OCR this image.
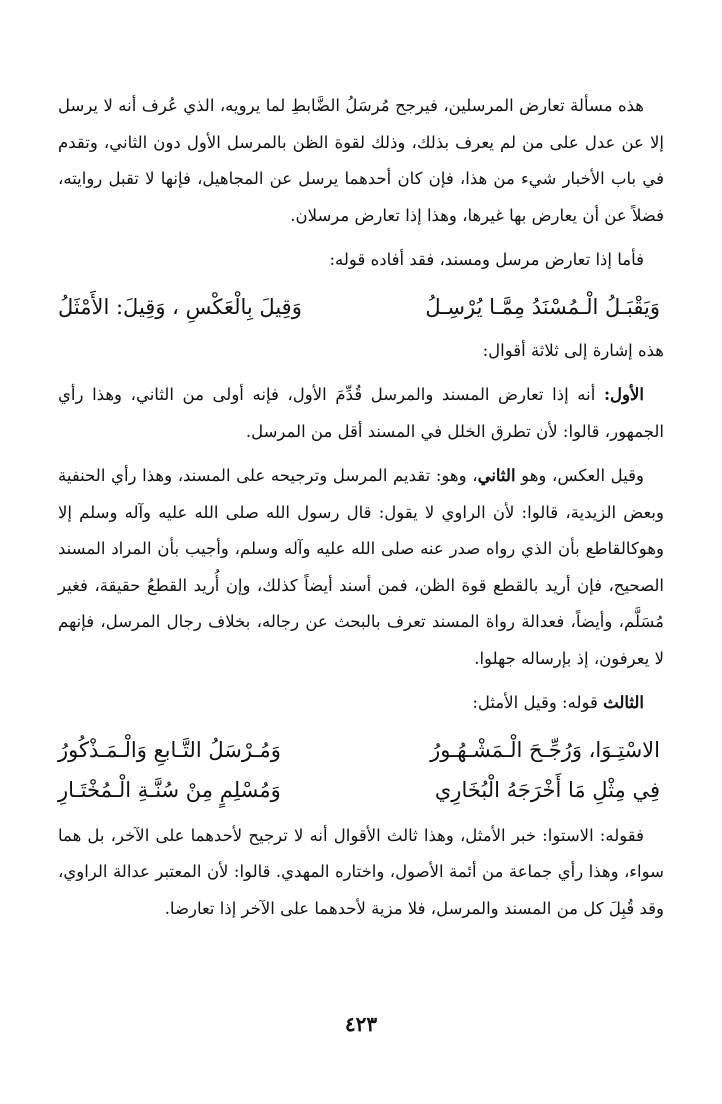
هذه مسألة تعارض المرسلين، فيرجح مُرسَلُ الضَّابطِ لما يرويه، الذي عُرف أنه لا يرسل إلا عن عدل على من لم يعرف بذلك، وذلك لقوة الظن بالمرسل الأول دون الثاني، وتقدم في باب الأخبار شيء من هذا، فإن كان أحدهما يرسل عن المجاهيل، فإنها لا تقبل روايته، فضلاً عن أن يعارض بها غيرها، وهذا إذا تعارض مرسلان.

فأما إذا تعارض مرسل ومسند، فقد أفاده قوله:

وَيَقْبَـلُ الْـمُسْنَدُ مِمَّـا يُرْسِـلُ
وَقِيلَ بِالْعَكْسِ ، وَقِيلَ: الأَمْثَلُ

هذه إشارة إلى ثلاثة أقوال:

الأول: أنه إذا تعارض المسند والمرسل قُدِّمَ الأول، فإنه أولى من الثاني، وهذا رأي الجمهور، قالوا: لأن تطرق الخلل في المسند أقل من المرسل.

وقيل العكس، وهو الثاني، وهو: تقديم المرسل وترجيحه على المسند، وهذا رأي الحنفية وبعض الزيدية، قالوا: لأن الراوي لا يقول: قال رسول الله صلى الله عليه وآله وسلم إلا وهوكالقاطع بأن الذي رواه صدر عنه صلى الله عليه وآله وسلم، وأجيب بأن المراد المسند الصحيح، فإن أريد بالقطع قوة الظن، فمن أسند أيضاً كذلك، وإن أُريد القطعُ حقيقة، فغير مُسَلَّم، وأيضاً، فعدالة رواة المسند تعرف بالبحث عن رجاله، بخلاف رجال المرسل، فإنهم لا يعرفون، إذ بإرساله جهلوا.

الثالث قوله: وقيل الأمثل:

الاسْتِـوَا، وَرُجِّـحَ الْـمَشْـهُـورُ
وَمُـرْسَلُ التَّـابعِ وَالْـمَـذْكُورُ
فِي مِثْلِ مَا أَخْرَجَهُ الْبُخَارِي
وَمُسْلِمٍ مِنْ سُنَّـةِ الْـمُخْتَـارِ

فقوله: الاستوا: خبر الأمثل، وهذا ثالث الأقوال أنه لا ترجيح لأحدهما على الآخر، بل هما سواء، وهذا رأي جماعة من أئمة الأصول، واختاره المهدي. قالوا: لأن المعتبر عدالة الراوي، وقد قُبِلَ كل من المسند والمرسل، فلا مزية لأحدهما على الآخر إذا تعارضا.

٤٢٣
